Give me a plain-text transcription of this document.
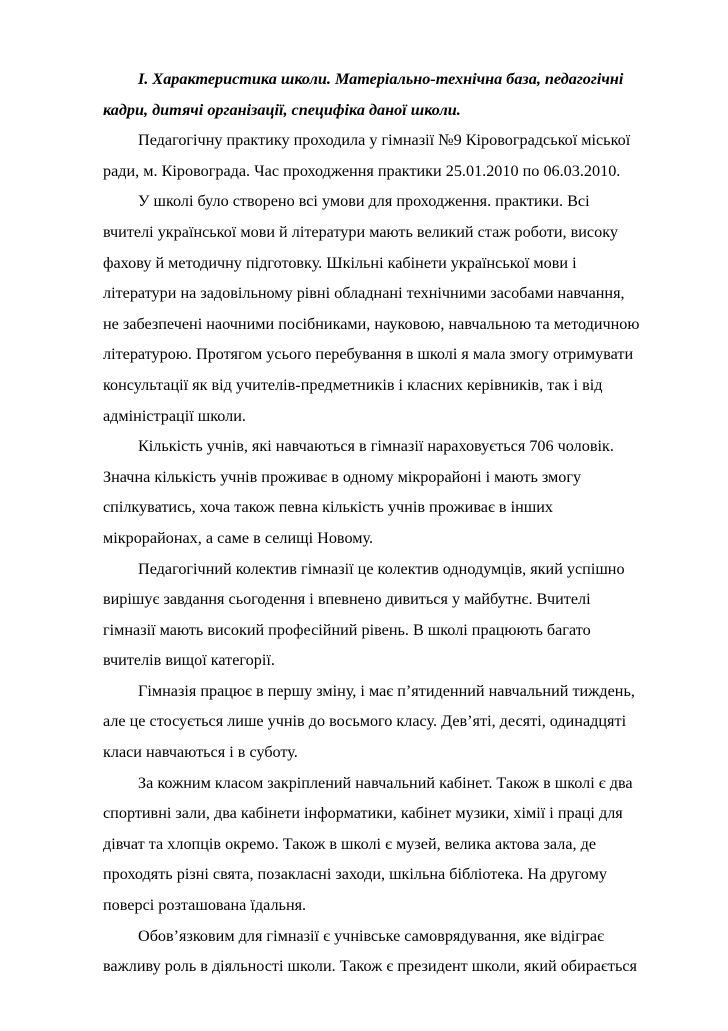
I. Характеристика школи. Матеріально-технічна база, педагогічні
кадри, дитячі організації, специфіка даної школи.
Педагогічну практику проходила у гімназії №9 Кіровоградської міської
ради, м. Кіровограда. Час проходження практики 25.01.2010 по 06.03.2010.
У школі було створено всі умови для проходження. практики. Всі
вчителі української мови й літератури мають великий стаж роботи, високу
фахову й методичну підготовку. Шкільні кабінети української мови і
літератури на задовільному рівні обладнані технічними засобами навчання,
не забезпечені наочними посібниками, науковою, навчальною та методичною
літературою. Протягом усього перебування в школі я мала змогу отримувати
консультації як від учителів-предметників і класних керівників, так і від
адміністрації школи.
Кількість учнів, які навчаються в гімназії нараховується 706 чоловік.
Значна кількість учнів проживає в одному мікрорайоні і мають змогу
спілкуватись, хоча також певна кількість учнів проживає в інших
мікрорайонах, а саме в селищі Новому.
Педагогічний колектив гімназії це колектив однодумців, який успішно
вирішує завдання сьогодення і впевнено дивиться у майбутнє. Вчителі
гімназії мають високий професійний рівень. В школі працюють багато
вчителів вищої категорії.
Гімназія працює в першу зміну, і має п’ятиденний навчальний тиждень,
але це стосується лише учнів до восьмого класу. Дев’яті, десяті, одинадцяті
класи навчаються і в суботу.
За кожним класом закріплений навчальний кабінет. Також в школі є два
спортивні зали, два кабінети інформатики, кабінет музики, хімії і праці для
дівчат та хлопців окремо. Також в школі є музей, велика актова зала, де
проходять різні свята, позакласні заходи, шкільна бібліотека. На другому
поверсі розташована їдальня.
Обов’язковим для гімназії є учнівське самоврядування, яке відіграє
важливу роль в діяльності школи. Також є президент школи, який обирається
